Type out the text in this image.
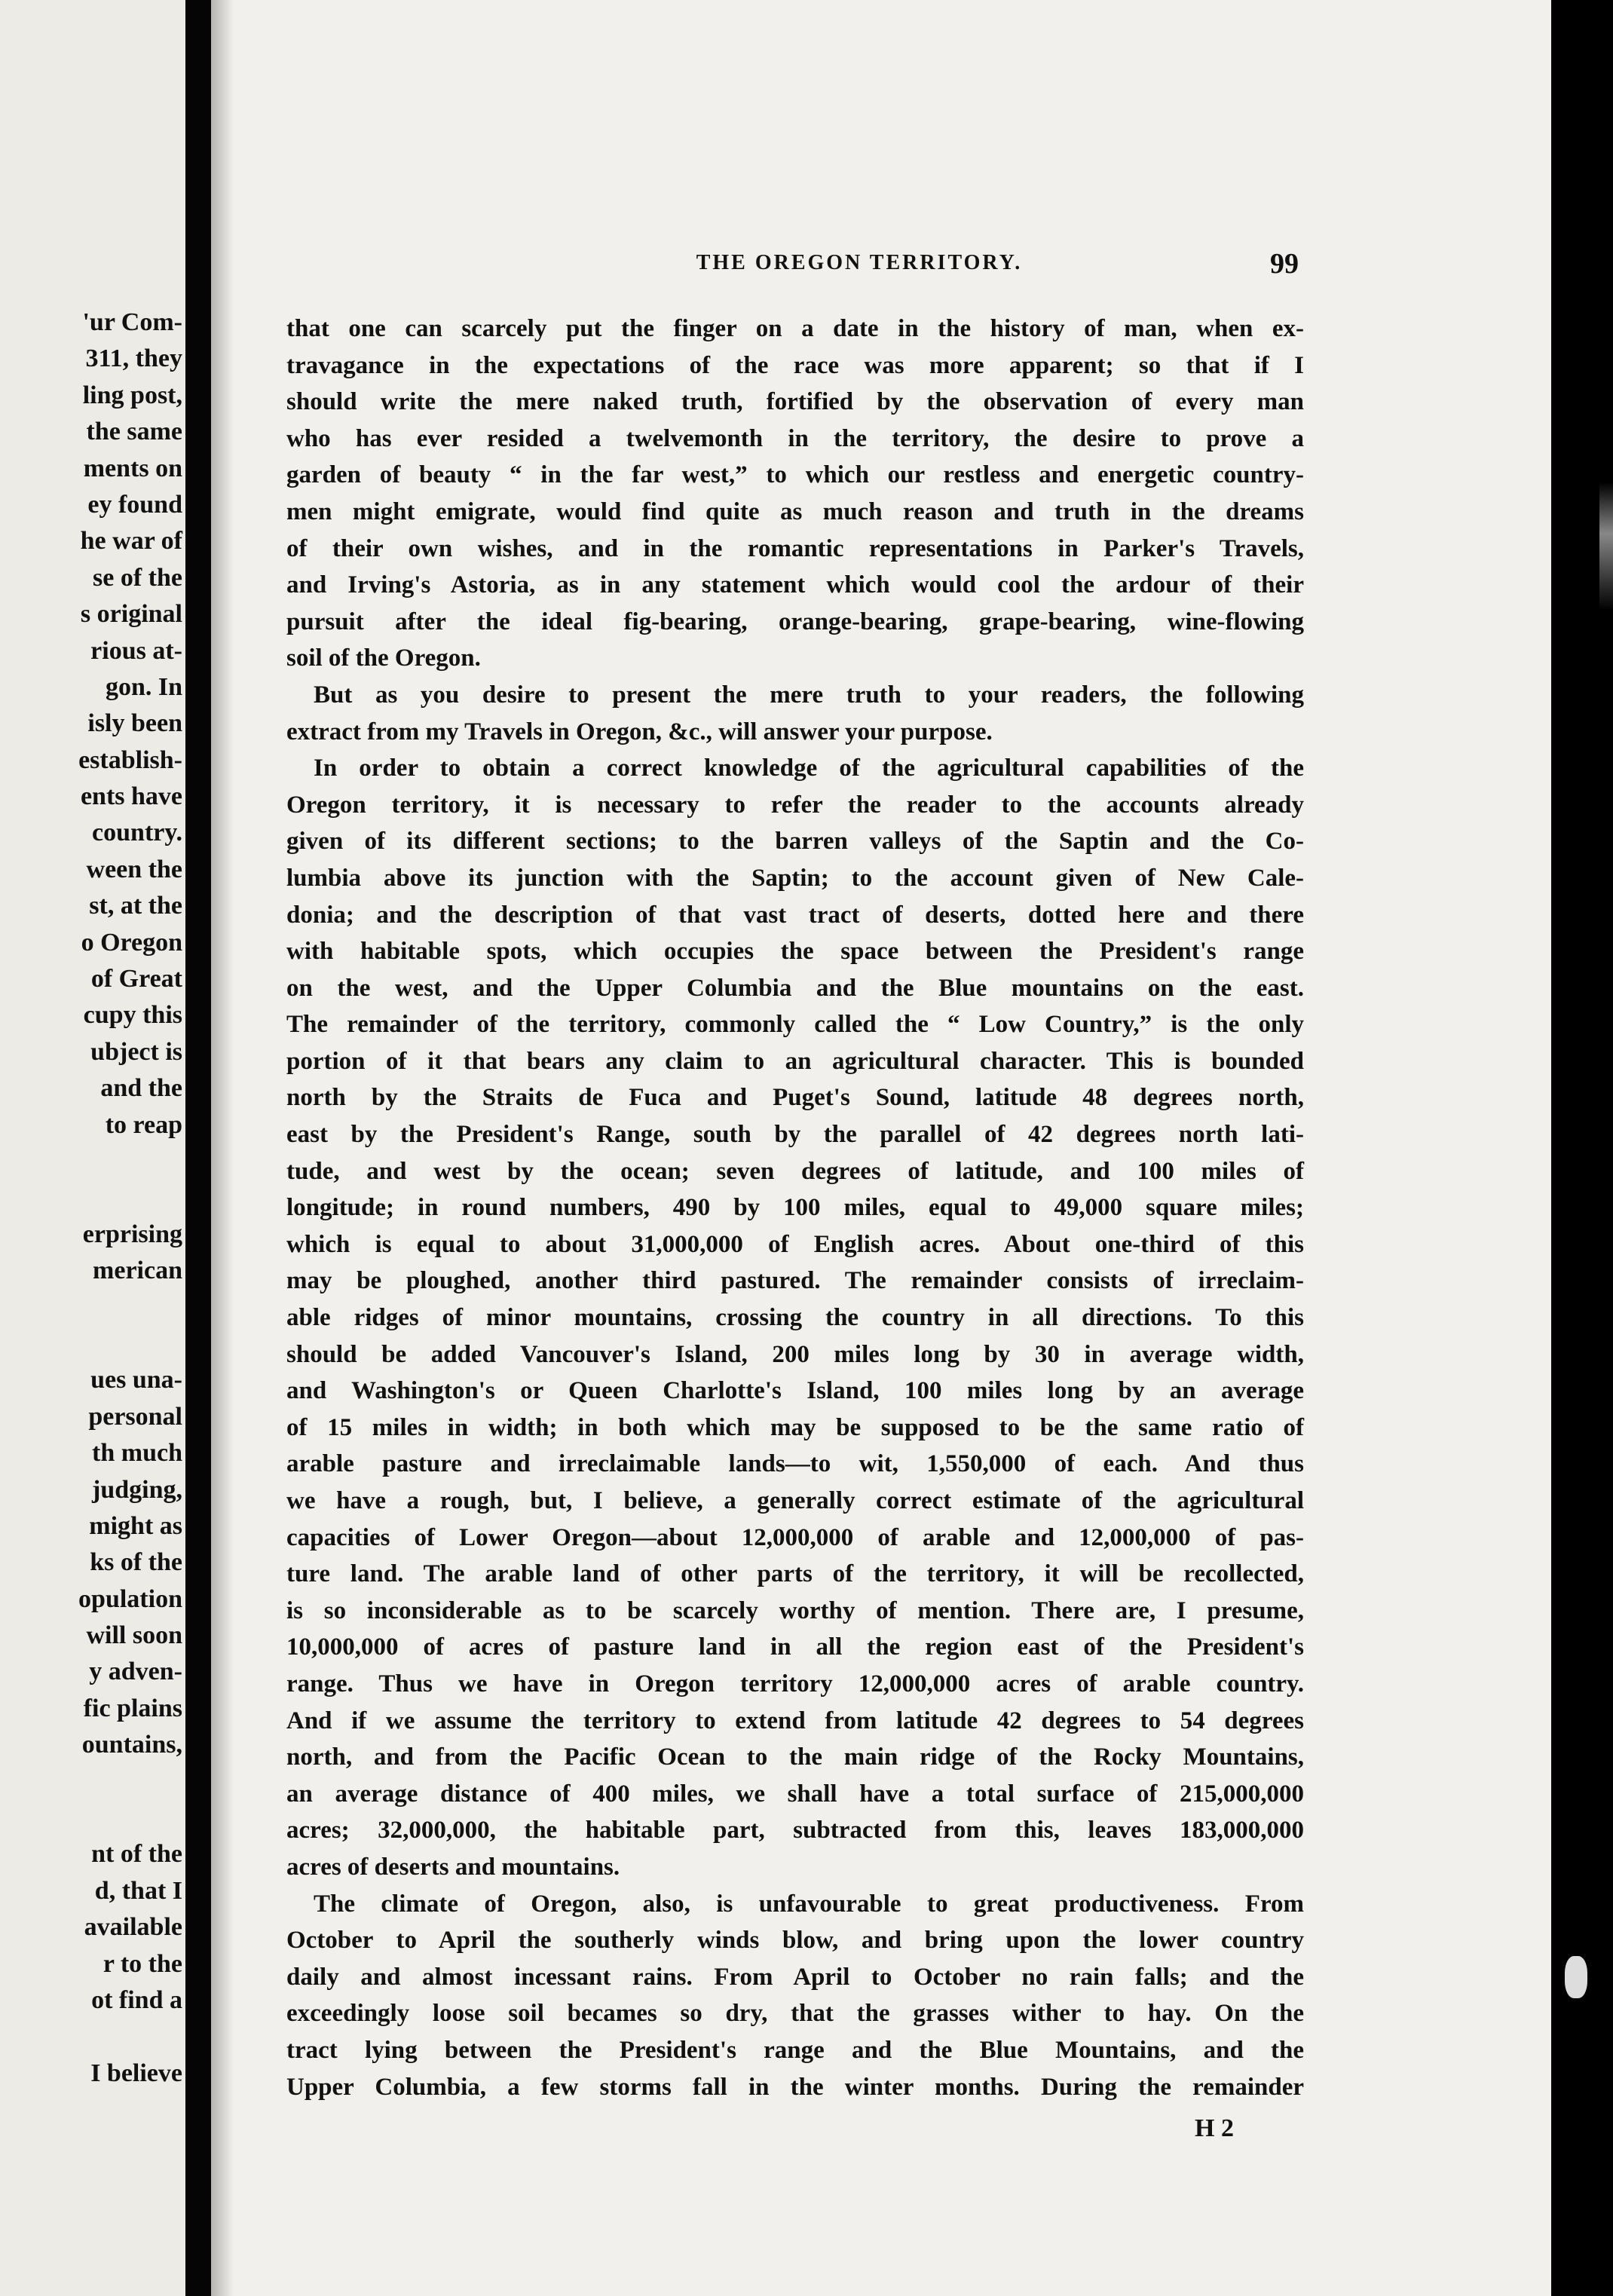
'ur Com-
311, they
ling post,
the same
ments on
ey found
he war of
se of the
s original
rious at-
gon. In
isly been
establish-
ents have
country.
ween the
st, at the
o Oregon
of Great
cupy this
ubject is
and the
to reap
erprising
merican
ues una-
personal
th much
judging,
might as
ks of the
opulation
will soon
y adven-
fic plains
ountains,
nt of the
d, that I
available
r to the
ot find a
I believe
THE OREGON TERRITORY.	99
that one can scarcely put the finger on a date in the history of man, when ex-
travagance in the expectations of the race was more apparent; so that if I
should write the mere naked truth, fortified by the observation of every man
who has ever resided a twelvemonth in the territory, the desire to prove a
garden of beauty “ in the far west,” to which our restless and energetic country-
men might emigrate, would find quite as much reason and truth in the dreams
of their own wishes, and in the romantic representations in Parker's Travels,
and Irving's Astoria, as in any statement which would cool the ardour of their
pursuit after the ideal fig-bearing, orange-bearing, grape-bearing, wine-flowing
soil of the Oregon.
But as you desire to present the mere truth to your readers, the following
extract from my Travels in Oregon, &c., will answer your purpose.
In order to obtain a correct knowledge of the agricultural capabilities of the
Oregon territory, it is necessary to refer the reader to the accounts already
given of its different sections; to the barren valleys of the Saptin and the Co-
lumbia above its junction with the Saptin; to the account given of New Cale-
donia; and the description of that vast tract of deserts, dotted here and there
with habitable spots, which occupies the space between the President's range
on the west, and the Upper Columbia and the Blue mountains on the east.
The remainder of the territory, commonly called the “ Low Country,” is the only
portion of it that bears any claim to an agricultural character. This is bounded
north by the Straits de Fuca and Puget's Sound, latitude 48 degrees north,
east by the President's Range, south by the parallel of 42 degrees north lati-
tude, and west by the ocean; seven degrees of latitude, and 100 miles of
longitude; in round numbers, 490 by 100 miles, equal to 49,000 square miles;
which is equal to about 31,000,000 of English acres. About one-third of this
may be ploughed, another third pastured. The remainder consists of irreclaim-
able ridges of minor mountains, crossing the country in all directions. To this
should be added Vancouver's Island, 200 miles long by 30 in average width,
and Washington's or Queen Charlotte's Island, 100 miles long by an average
of 15 miles in width; in both which may be supposed to be the same ratio of
arable pasture and irreclaimable lands—to wit, 1,550,000 of each. And thus
we have a rough, but, I believe, a generally correct estimate of the agricultural
capacities of Lower Oregon—about 12,000,000 of arable and 12,000,000 of pas-
ture land. The arable land of other parts of the territory, it will be recollected,
is so inconsiderable as to be scarcely worthy of mention. There are, I presume,
10,000,000 of acres of pasture land in all the region east of the President's
range. Thus we have in Oregon territory 12,000,000 acres of arable country.
And if we assume the territory to extend from latitude 42 degrees to 54 degrees
north, and from the Pacific Ocean to the main ridge of the Rocky Mountains,
an average distance of 400 miles, we shall have a total surface of 215,000,000
acres; 32,000,000, the habitable part, subtracted from this, leaves 183,000,000
acres of deserts and mountains.
The climate of Oregon, also, is unfavourable to great productiveness. From
October to April the southerly winds blow, and bring upon the lower country
daily and almost incessant rains. From April to October no rain falls; and the
exceedingly loose soil becames so dry, that the grasses wither to hay. On the
tract lying between the President's range and the Blue Mountains, and the
Upper Columbia, a few storms fall in the winter months. During the remainder
H 2
